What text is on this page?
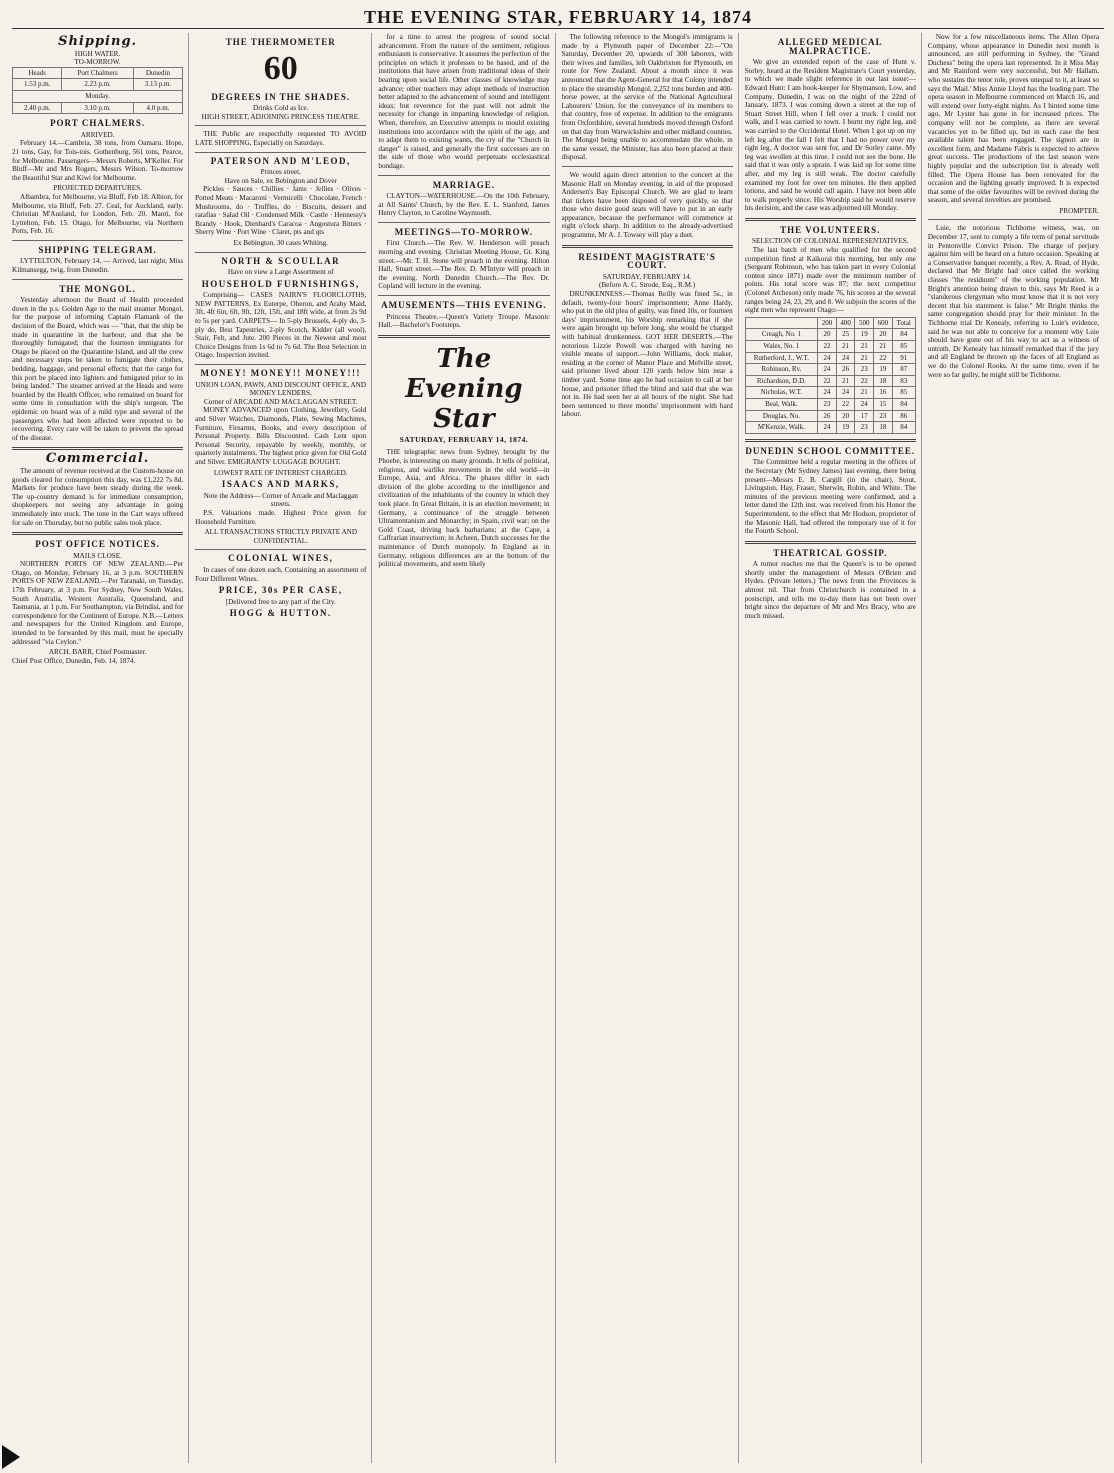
THE EVENING STAR, FEBRUARY 14, 1874
Shipping.
HIGH WATER.
TO-MORROW.
Heads	Port Chalmers	Dunedin
1.53 p.m.	2.23 p.m.	3.13 p.m.
Monday.		
2.40 p.m.	3.10 p.m.	4.0 p.m.
PORT CHALMERS.
ARRIVED.

February 14.—Cambria, 38 tons, from Oamaru. Hope, 21 tons, Gay, for Tois-tois. Gothenburg, 561 tons, Pearce, for Melbourne. Passengers—Messrs Roberts, M'Keller. For Bluff—Mr and Mrs Rogers, Messrs Wilson. To-morrow the Beautiful Star and Kiwi for Melbourne.

PROJECTED DEPARTURES.

Albambra, for Melbourne, via Bluff, Feb 18. Albion, for Melbourne, via Bluff, Feb. 27. Ceal, for Auckland, early. Christian M'Ausland, for London, Feb. 20. Maori, for Lyttelton, Feb. 15. Otago, for Melbourne, via Northern Ports, Feb. 16.

SHIPPING TELEGRAM.

LYTTELTON, February 14. — Arrived, last night, Miss Kilmansegg, twig, from Dunedin.

THE MONGOL.

Yesterday afternoon the Board of Health proceeded down in the p.s. Golden Age to the mail steamer Mongol, for the purpose of informing Captain Flamank of the decision of the Board, which was — "that, that the ship be made in quarantine in the harbour, and that she be thoroughly fumigated; that the fourteen immigrants for Otago be placed on the Quarantine Island, and all the crew and necessary steps be taken to fumigate their clothes, bedding, baggage, and personal effects; that the cargo for this port be placed into lighters and fumigated prior to its being landed." The steamer arrived at the Heads and were boarded by the Health Officer, who remained on board for some time in consultation with the ship's surgeon. The epidemic on board was of a mild type and several of the passengers who had been affected were reported to be recovering. Every care will be taken to prevent the spread of the disease.

Commercial.

The amount of revenue received at the Custom-house on goods cleared for consumption this day, was £1,222 7s 8d. Markets for produce have been steady during the week. The up-country demand is for immediate consumption, shopkeepers not seeing any advantage in going immediately into stock. The tone in the Cart ways offered for sale on Thursday, but no public sales took place.

POST OFFICE NOTICES.
MAILS CLOSE.

NORTHERN PORTS OF NEW ZEALAND.—Per Otago, on Monday, February 16, at 3 p.m. SOUTHERN PORTS OF NEW ZEALAND.—Per Taranaki, on Tuesday, 17th February, at 3 p.m. For Sydney, New South Wales, South Australia, Western Australia, Queensland, and Tasmania, at 1 p.m. For Southampton, via Brindisi, and for correspondence for the Continent of Europe. N.B.—Letters and newspapers for the United Kingdom and Europe, intended to be forwarded by this mail, must be specially addressed "via Ceylon."

ARCH. BARR, Chief Postmaster.
Chief Post Office, Dunedin, Feb. 14, 1874.
THE THERMOMETER
60
DEGREES IN THE SHADES.
Drinks Cold as Ice.
HIGH STREET, ADJOINING PRINCESS THEATRE.

THE Public are respectfully requested TO AVOID LATE SHOPPING, Especially on Saturdays.

PATERSON AND M'LEOD,
Princes street,
Have on Sale, ex Bebington and Dover

Pickles · Sauces · Chillies · Jams · Jellies · Olives · Potted Meats · Macaroni · Vermicelli · Chocolate, French · Mushrooms, do · Truffles, do · Biscuits, dessert and ratafias · Salad Oil · Condensed Milk · Castle · Hennessy's Brandy · Hook, Dienhard's Caracoa · Angostura Bitters · Sherry Wine · Port Wine · Claret, pts and qts

Ex Bebington, 30 cases Whiting.
NORTH & SCOULLAR
Have on view a Large Assortment of
HOUSEHOLD FURNISHINGS,

Comprising— CASES NAIRN'S FLOORCLOTHS, NEW PATTERNS, Ex Euterpe, Oberon, and Araby Maid, 3ft, 4ft 6in, 6ft, 9ft, 12ft, 15ft, and 18ft wide, at from 2s 9d to 5s per yard. CARPETS— In 5-ply Brussels, 4-ply do, 3-ply do, Best Tapestries, 2-ply Scotch, Kidder (all wool), Stair, Felt, and Jute. 200 Pieces in the Newest and most Choice Designs from 1s 6d to 7s 6d. The Best Selection in Otago. Inspection invited.

MONEY! MONEY!! MONEY!!!
UNION LOAN, PAWN, AND DISCOUNT OFFICE, AND MONEY LENDERS,
Corner of ARCADE AND MACLAGGAN STREET.

MONEY ADVANCED upon Clothing, Jewellery, Gold and Silver Watches, Diamonds, Plate, Sewing Machines, Furniture, Firearms, Books, and every description of Personal Property. Bills Discounted. Cash Lent upon Personal Security, repayable by weekly, monthly, or quarterly instalments. The highest price given for Old Gold and Silver. EMIGRANTS' LUGGAGE BOUGHT.

LOWEST RATE OF INTEREST CHARGED.
ISAACS AND MARKS,
Note the Address— Corner of Arcade and Maclaggan streets.

P.S. Valuations made. Highest Price given for Household Furniture.

ALL TRANSACTIONS STRICTLY PRIVATE AND CONFIDENTIAL.
COLONIAL WINES,

In cases of one dozen each, Containing an assortment of Four Different Wines.

PRICE, 30s PER CASE,
[Delivered free to any part of the City.
HOGG & HUTTON.

for a time to arrest the progress of sound social advancement. From the nature of the sentiment, religious enthusiasm is conservative. It assumes the perfection of the principles on which it professes to be based, and of the institutions that have arisen from traditional ideas of their bearing upon social life. Other classes of knowledge may advance; other teachers may adopt methods of instruction better adapted to the advancement of sound and intelligent ideas; but reverence for the past will not admit the necessity for change in imparting knowledge of religion. When, therefore, an Executive attempts to mould existing institutions into accordance with the spirit of the age, and to adapt them to existing wants, the cry of the "Church in danger" is raised, and generally the first successes are on the side of those who would perpetuate ecclesiastical bondage.

MARRIAGE.

CLAYTON—WATERHOUSE.—On the 10th February, at All Saints' Church, by the Rev. E. L. Stanford, James Henry Clayton, to Caroline Waymouth.

MEETINGS—TO-MORROW.

First Church.—The Rev. W. Henderson will preach morning and evening. Christian Meeting House, Gt. King street.—Mr. T. H. Stone will preach in the evening. Hilton Hall, Stuart street.—The Rev. D. M'Intyre will preach in the evening. North Dunedin Church.—The Rev. Dr. Copland will lecture in the evening.

AMUSEMENTS—THIS EVENING.

Princess Theatre.—Queen's Variety Troupe. Masonic Hall.—Bachelor's Footsteps.

The Evening Star
SATURDAY, FEBRUARY 14, 1874.

THE telegraphic news from Sydney, brought by the Phoebe, is interesting on many grounds. It tells of political, religious, and warlike movements in the old world—in Europe, Asia, and Africa. The phases differ in each division of the globe according to the intelligence and civilization of the inhabitants of the country in which they took place. In Great Britain, it is an election movement; in Germany, a continuance of the struggle between Ultramontanism and Monarchy; in Spain, civil war; on the Gold Coast, driving back barbarians; at the Cape, a Caffrarian insurrection; in Acheen, Dutch successes for the maintenance of Dutch monopoly. In England as in Germany, religious differences are at the bottom of the political movements, and seem likely

The following reference to the Mongol's immigrants is made by a Plymouth paper of December 22:—"On Saturday, December 20, upwards of 300 laborers, with their wives and families, left Oakbrixton for Plymouth, en route for New Zealand. About a month since it was announced that the Agent-General for that Colony intended to place the steamship Mongol, 2,252 tons burden and 400-horse power, at the service of the National Agricultural Labourers' Union, for the conveyance of its members to that country, free of expense. In addition to the emigrants from Oxfordshire, several hundreds moved through Oxford on that day from Warwickshire and other midland counties. The Mongol being unable to accommodate the whole, in the same vessel, the Minister, has also been placed at their disposal.

We would again direct attention to the concert at the Masonic Hall on Monday evening, in aid of the proposed Andersen's Bay Episcopal Church. We are glad to learn that tickets have been disposed of very quickly, so that those who desire good seats will have to put in an early appearance, because the performance will commence at eight o'clock sharp. In addition to the already-advertised programme, Mr A. J. Towsey will play a duet.

RESIDENT MAGISTRATE'S COURT.
SATURDAY, FEBRUARY 14.
(Before A. C. Strode, Esq., R.M.)

DRUNKENNESS.—Thomas Reilly was fined 5s., in default, twenty-four hours' imprisonment; Anne Hardy, who put in the old plea of guilty, was fined 10s, or fourteen days' imprisonment, his Worship remarking that if she were again brought up before long, she would be charged with habitual drunkenness. GOT HER DESERTS.—The notorious Lizzie Powell was charged with having no visible means of support.—John Williams, dock maker, residing at the corner of Manor Place and Melville street, said prisoner lived about 120 yards below him near a timber yard. Some time ago he had occasion to call at her house, and prisoner lifted the blind and said that she was not in. He had seen her at all hours of the night. She had been sentenced to three months' imprisonment with hard labour.

ALLEGED MEDICAL MALPRACTICE.

We give an extended report of the case of Hunt v. Sorley, heard at the Resident Magistrate's Court yesterday, to which we made slight reference in our last issue:— Edward Hunt: I am book-keeper for Shymanson, Low, and Company, Dunedin, I was on the night of the 22nd of January, 1873. I was coming down a street at the top of Stuart Street Hill, when I fell over a truck. I could not walk, and I was carried to town. I burnt my right leg, and was carried to the Occidental Hotel. When I got up on my left leg after the fall I felt that I had no power over my right leg. A doctor was sent for, and Dr Sorley came. My leg was swollen at this time. I could not see the bone. He said that it was only a sprain. I was laid up for some time after, and my leg is still weak. The doctor carefully examined my foot for over ten minutes. He then applied lotions, and said he would call again. I have not been able to walk properly since. His Worship said he would reserve his decision, and the case was adjourned till Monday.

THE VOLUNTEERS.
SELECTION OF COLONIAL REPRESENTATIVES.

The last batch of men who qualified for the second competition fired at Kaikorai this morning, but only one (Sergeant Robinson, who has taken part in every Colonial contest since 1871) made over the minimum number of points. His total score was 87; the next competitor (Colonel Atcheson) only made 76, his scores at the several ranges being 24, 23, 29, and 8. We subjoin the scores of the eight men who represent Otago:—

	200	400	500	600	Total
Creagh, No. 1	20	25	19	20	84
Wales, No. 1	22	21	21	21	85
Rutherford, J., W.T.	24	24	21	22	91
Robinson, Rv.	24	26	23	19	87
Richardson, D.D.	22	21	22	18	83
Nicholas, W.T.	24	24	21	16	85
Beal, Walk.	23	22	24	15	84
Douglas, No.	26	20	17	23	86
M'Kenzie, Walk.	24	19	23	18	84
DUNEDIN SCHOOL COMMITTEE.

The Committee held a regular meeting in the offices of the Secretary (Mr Sydney James) last evening, there being present—Messrs E. B. Cargill (in the chair), Stout, Livingston, Hay, Fraser, Sherwin, Robin, and White. The minutes of the previous meeting were confirmed, and a letter dated the 12th inst. was received from his Honor the Superintendent, to the effect that Mr Hodson, proprietor of the Masonic Hall, had offered the temporary use of it for the Fourth School.

THEATRICAL GOSSIP.

A rumor reaches me that the Queen's is to be opened shortly under the management of Messrs O'Brien and Hydes. (Private letters.) The news from the Provinces is almost nil. That from Christchurch is contained in a postscript, and tells me to-day there has not been over bright since the departure of Mr and Mrs Bracy, who are much missed.

Now for a few miscellaneous items. The Allen Opera Company, whose appearance in Dunedin next month is announced, are still performing in Sydney, the "Grand Duchess" being the opera last represented. In it Miss May and Mr Rainford were very successful, but Mr Hallam, who sustains the tenor role, proves unequal to it, at least so says the 'Mail.' Miss Annie Lloyd has the leading part. The opera season in Melbourne commenced on March 16, and will extend over forty-eight nights. As I hinted some time ago, Mr Lyster has gone in for increased prices. The company will not be complete, as there are several vacancies yet to be filled up, but in each case the best available talent has been engaged. The signori are in excellent form, and Madame Fabris is expected to achieve great success. The productions of the last season were highly popular and the subscription list is already well filled. The Opera House has been renovated for the occasion and the lighting greatly improved. It is expected that some of the older favourites will be revived during the season, and several novelties are promised.

PROMPTER.

Luie, the notorious Tichborne witness, was, on December 17, sent to comply a life term of penal servitude in Pentonville Convict Prison. The charge of perjury against him will be heard on a future occasion. Speaking at a Conservative banquet recently, a Rev. A. Read, of Hyde, declared that Mr Bright had once called the working classes "the residuum" of the working population. Mr Bright's attention being drawn to this, says Mr Reed is a "slanderous clergyman who must know that it is not very decent that his statement is false." Mr Bright thinks the same congregation should pray for their minister. In the Tichborne trial Dr Kenealy, referring to Luie's evidence, said he was not able to conceive for a moment why Luie should have gone out of his way to act as a witness of untruth. Dr Kenealy has himself remarked that if the jury and all England be thrown up the faces of all England as we do the Colonel Rooks. At the same time, even if he were so far guilty, he might still be Tichborne.
